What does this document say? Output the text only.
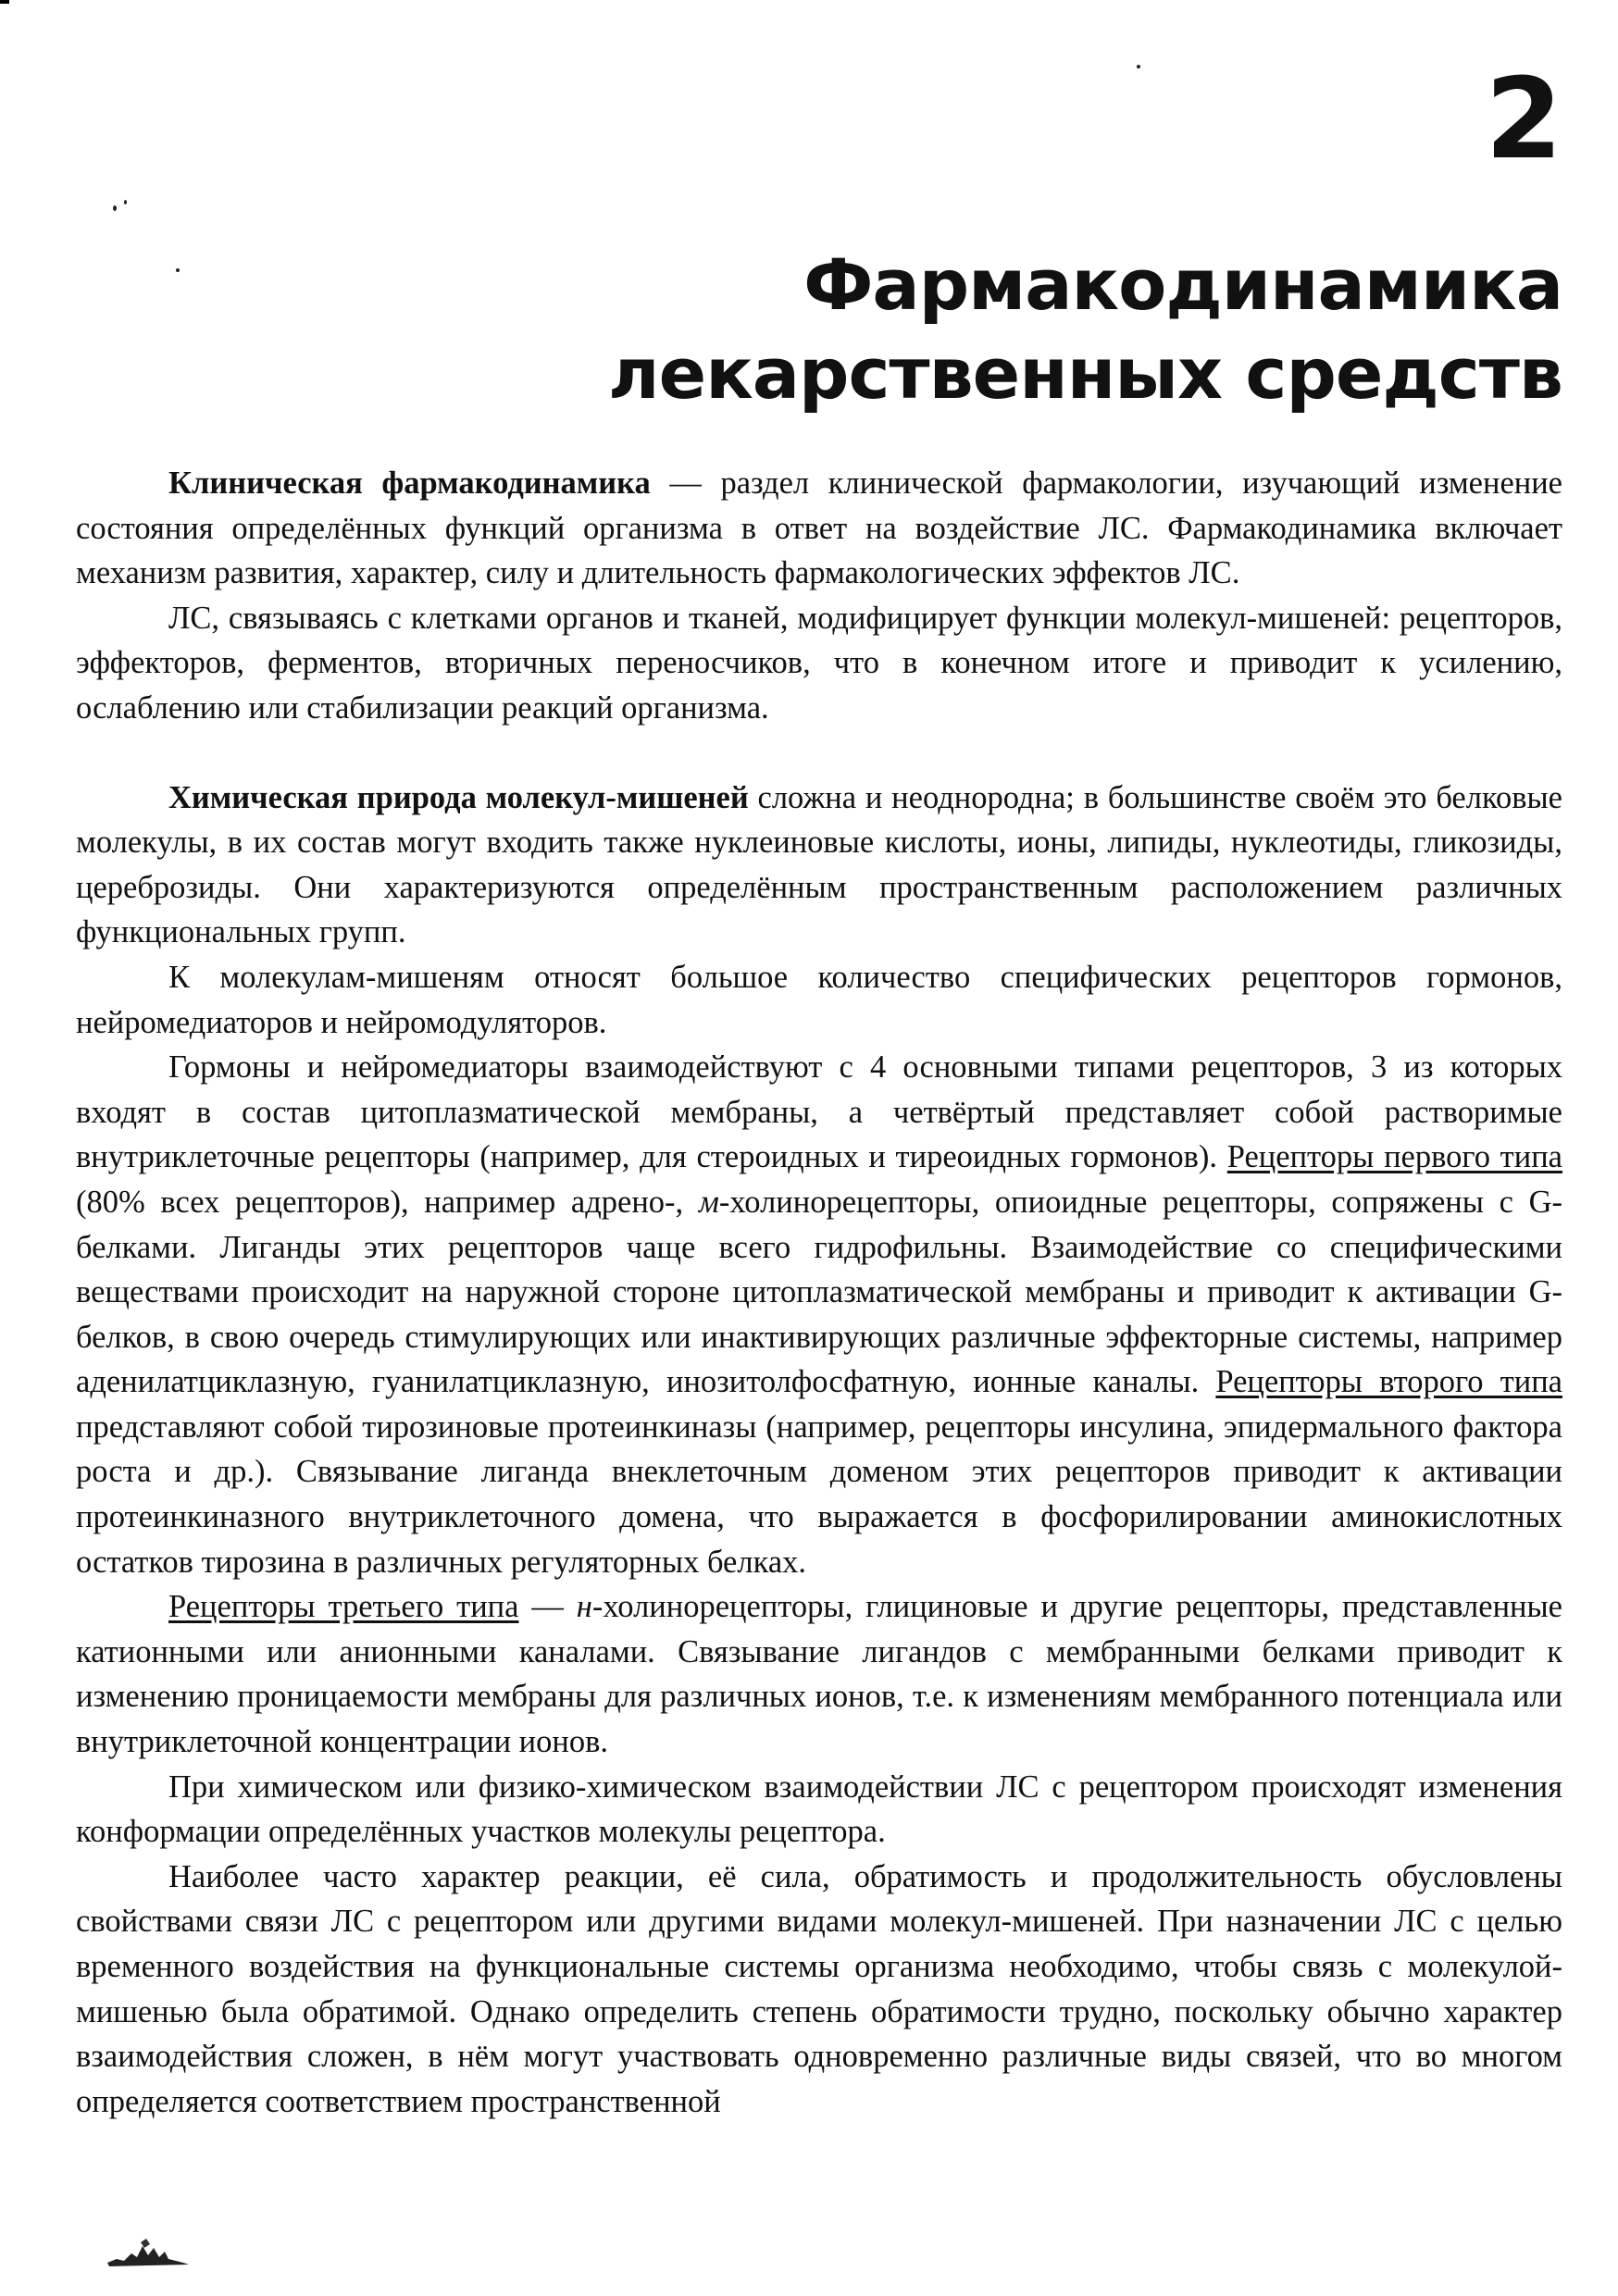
2
Фармакодинамика
лекарственных средств

Клиническая фармакодинамика — раздел клинической фармакологии, изучающий изменение состояния определённых функций организма в ответ на воздействие ЛС. Фармакодинамика включает механизм развития, характер, силу и длительность фармакологических эффектов ЛС.

ЛС, связываясь с клетками органов и тканей, модифицирует функции молекул-мишеней: рецепторов, эффекторов, ферментов, вторичных переносчиков, что в конечном итоге и приводит к усилению, ослаблению или стабилизации реакций организма.

Химическая природа молекул-мишеней сложна и неоднородна; в большинстве своём это белковые молекулы, в их состав могут входить также нуклеиновые кислоты, ионы, липиды, нуклеотиды, гликозиды, цереброзиды. Они характеризуются определённым пространственным расположением различных функциональных групп.

К молекулам-мишеням относят большое количество специфических рецепторов гормонов, нейромедиаторов и нейромодуляторов.

Гормоны и нейромедиаторы взаимодействуют с 4 основными типами рецепторов, 3 из которых входят в состав цитоплазматической мембраны, а четвёртый представляет собой растворимые внутриклеточные рецепторы (например, для стероидных и тиреоидных гормонов). Рецепторы первого типа (80% всех рецепторов), например адрено-, м-холинорецепторы, опиоидные рецепторы, сопряжены с G-белками. Лиганды этих рецепторов чаще всего гидрофильны. Взаимодействие со специфическими веществами происходит на наружной стороне цитоплазматической мембраны и приводит к активации G-белков, в свою очередь стимулирующих или инактивирующих различные эффекторные системы, например аденилатциклазную, гуанилатциклазную, инозитолфосфатную, ионные каналы. Рецепторы второго типа представляют собой тирозиновые протеинкиназы (например, рецепторы инсулина, эпидермального фактора роста и др.). Связывание лиганда внеклеточным доменом этих рецепторов приводит к активации протеинкиназного внутриклеточного домена, что выражается в фосфорилировании аминокислотных остатков тирозина в различных регуляторных белках.

Рецепторы третьего типа — н-холинорецепторы, глициновые и другие рецепторы, представленные катионными или анионными каналами. Связывание лигандов с мембранными белками приводит к изменению проницаемости мембраны для различных ионов, т.е. к изменениям мембранного потенциала или внутриклеточной концентрации ионов.

При химическом или физико-химическом взаимодействии ЛС с рецептором происходят изменения конформации определённых участков молекулы рецептора.

Наиболее часто характер реакции, её сила, обратимость и продолжительность обусловлены свойствами связи ЛС с рецептором или другими видами молекул-мишеней. При назначении ЛС с целью временного воздействия на функциональные системы организма необходимо, чтобы связь с молекулой-мишенью была обратимой. Однако определить степень обратимости трудно, поскольку обычно характер взаимодействия сложен, в нём могут участвовать одновременно различные виды связей, что во многом определяется соответствием пространственной
